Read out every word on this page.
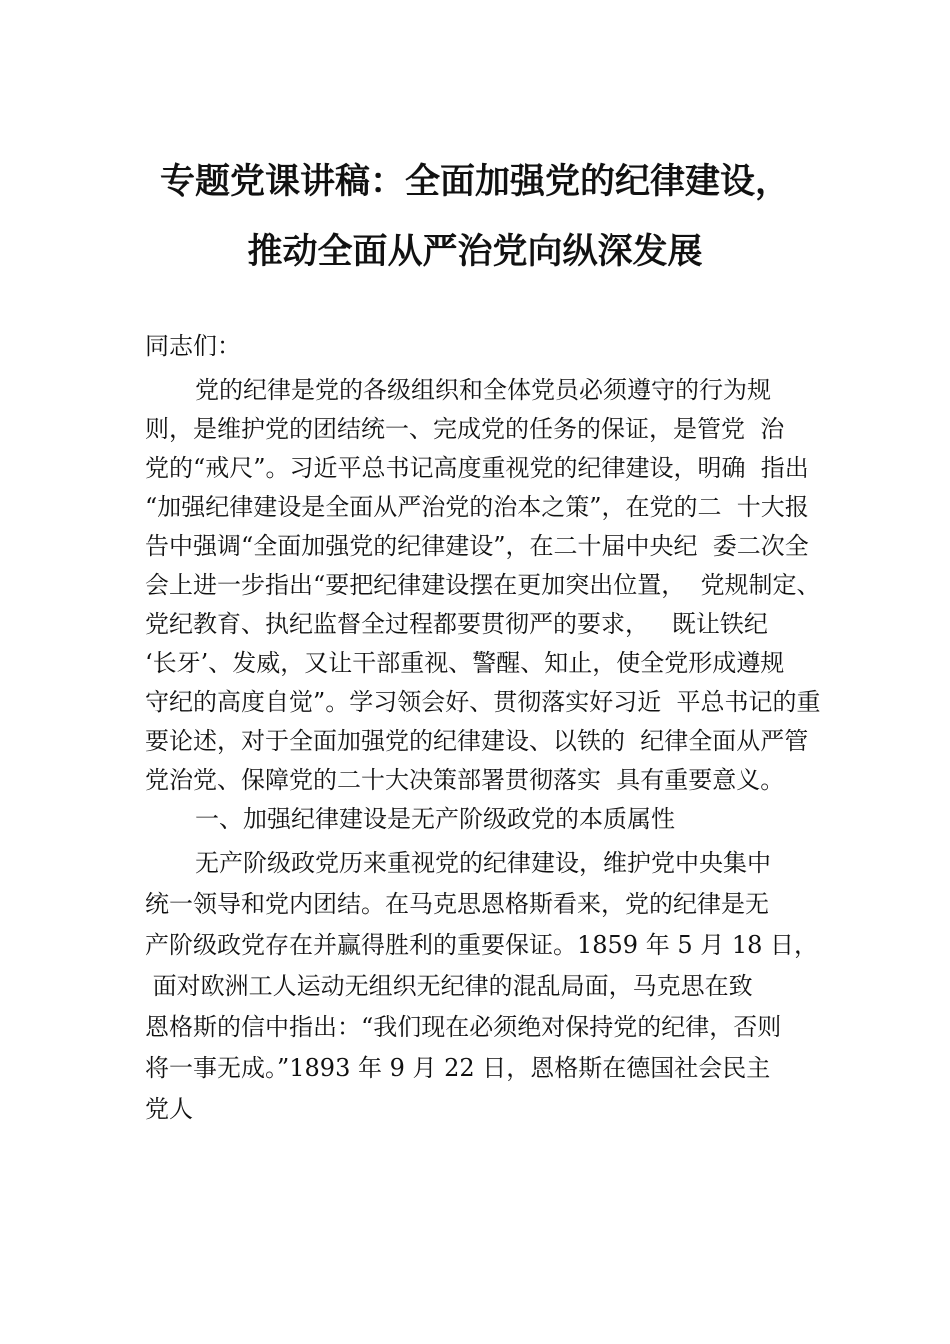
专题党课讲稿：全面加强党的纪律建设，
推动全面从严治党向纵深发展
同志们：
党的纪律是党的各级组织和全体党员必须遵守的行为规
则，是维护党的团结统一、完成党的任务的保证，是管党  治
党的“戒尺”。习近平总书记高度重视党的纪律建设，明确  指出
“加强纪律建设是全面从严治党的治本之策”，在党的二  十大报
告中强调“全面加强党的纪律建设”，在二十届中央纪  委二次全
会上进一步指出“要把纪律建设摆在更加突出位置，  党规制定、
党纪教育、执纪监督全过程都要贯彻严的要求，   既让铁纪
‘长牙’、发威，又让干部重视、警醒、知止，使全党形成遵规
守纪的高度自觉”。学习领会好、贯彻落实好习近  平总书记的重
要论述，对于全面加强党的纪律建设、以铁的  纪律全面从严管
党治党、保障党的二十大决策部署贯彻落实  具有重要意义。
一、加强纪律建设是无产阶级政党的本质属性
无产阶级政党历来重视党的纪律建设，维护党中央集中
统一领导和党内团结。在马克思恩格斯看来，党的纪律是无
产阶级政党存在并赢得胜利的重要保证。1859 年 5 月 18 日，
面对欧洲工人运动无组织无纪律的混乱局面，马克思在致
恩格斯的信中指出：“我们现在必须绝对保持党的纪律，否则
将一事无成。”1893 年 9 月 22 日，恩格斯在德国社会民主
党人
